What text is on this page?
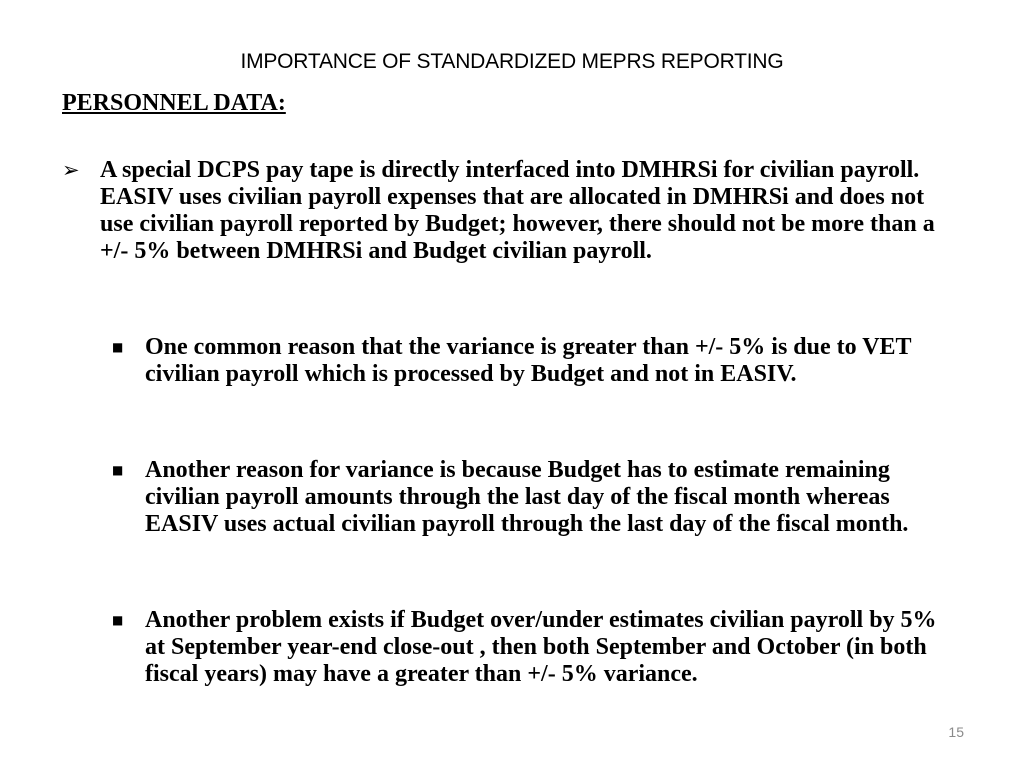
IMPORTANCE OF STANDARDIZED MEPRS REPORTING
PERSONNEL DATA:
➢ A special DCPS pay tape is directly interfaced into DMHRSi for civilian payroll. EASIV uses civilian payroll expenses that are allocated in DMHRSi and does not use civilian payroll reported by Budget; however, there should not be more than a +/- 5% between DMHRSi and Budget civilian payroll.
■ One common reason that the variance is greater than +/- 5% is due to VET civilian payroll which is processed by Budget and not in EASIV.
■ Another reason for variance is because Budget has to estimate remaining civilian payroll amounts through the last day of the fiscal month whereas EASIV uses actual civilian payroll through the last day of the fiscal month.
■ Another problem exists if Budget over/under estimates civilian payroll by 5% at September year-end close-out , then both September and October (in both fiscal years) may have a greater than +/- 5% variance.
15
